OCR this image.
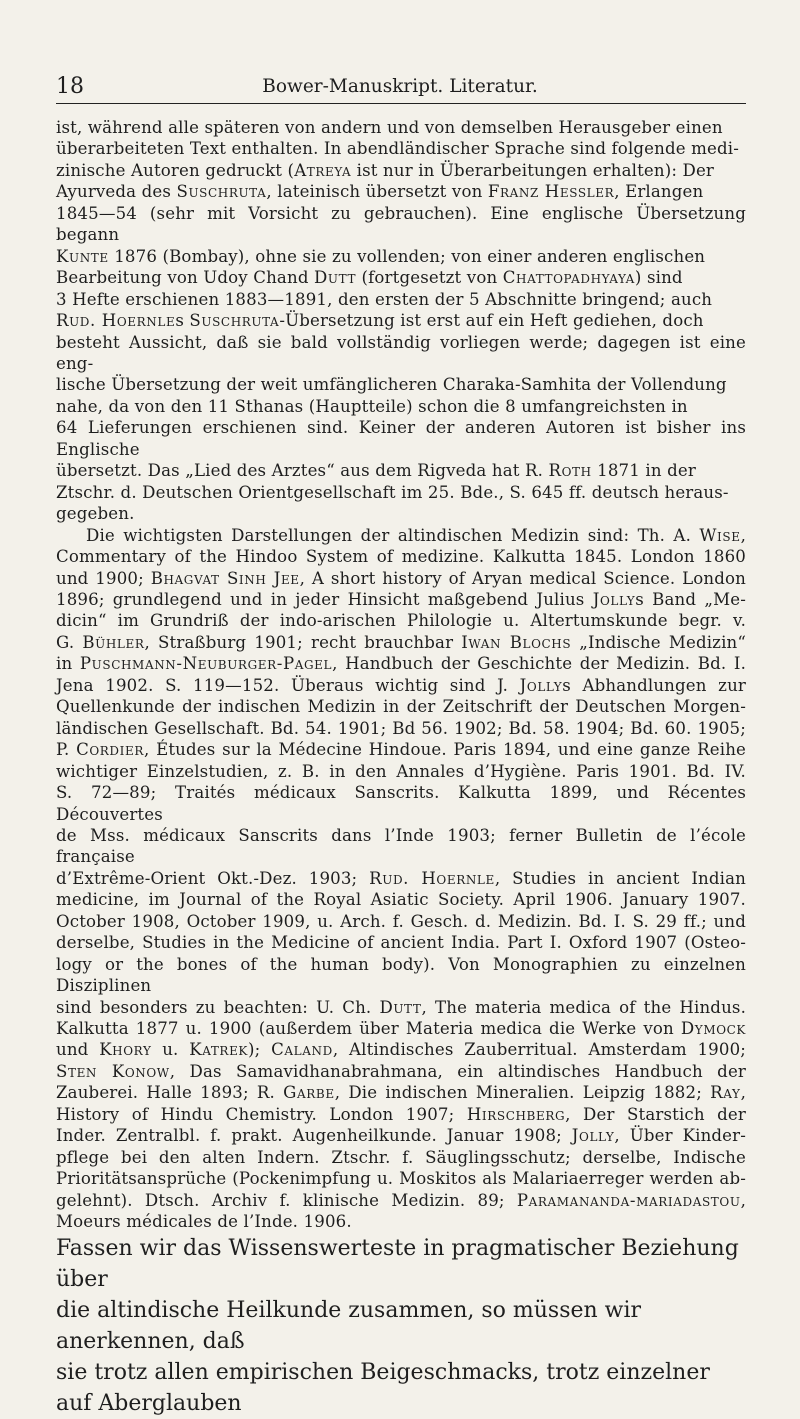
18	Bower-Manuskript. Literatur.

ist, während alle späteren von andern und von demselben Herausgeber einen
überarbeiteten Text enthalten. In abendländischer Sprache sind folgende medi-
zinische Autoren gedruckt (Atreya ist nur in Überarbeitungen erhalten): Der
Ayurveda des Suschruta, lateinisch übersetzt von Franz Hessler, Erlangen
1845—54 (sehr mit Vorsicht zu gebrauchen). Eine englische Übersetzung begann
Kunte 1876 (Bombay), ohne sie zu vollenden; von einer anderen englischen
Bearbeitung von Udoy Chand Dutt (fortgesetzt von Chattopadhyaya) sind
3 Hefte erschienen 1883—1891, den ersten der 5 Abschnitte bringend; auch
Rud. Hoernles Suschruta-Übersetzung ist erst auf ein Heft gediehen, doch
besteht Aussicht, daß sie bald vollständig vorliegen werde; dagegen ist eine eng-
lische Übersetzung der weit umfänglicheren Charaka-Samhita der Vollendung
nahe, da von den 11 Sthanas (Hauptteile) schon die 8 umfangreichsten in
64 Lieferungen erschienen sind. Keiner der anderen Autoren ist bisher ins Englische
übersetzt. Das „Lied des Arztes“ aus dem Rigveda hat R. Roth 1871 in der
Ztschr. d. Deutschen Orientgesellschaft im 25. Bde., S. 645 ff. deutsch heraus-
gegeben.

Die wichtigsten Darstellungen der altindischen Medizin sind: Th. A. Wise,
Commentary of the Hindoo System of medizine. Kalkutta 1845. London 1860
und 1900; Bhagvat Sinh Jee, A short history of Aryan medical Science. London
1896; grundlegend und in jeder Hinsicht maßgebend Julius Jollys Band „Me-
dicin“ im Grundriß der indo-arischen Philologie u. Altertumskunde begr. v.
G. Bühler, Straßburg 1901; recht brauchbar Iwan Blochs „Indische Medizin“
in Puschmann-Neuburger-Pagel, Handbuch der Geschichte der Medizin. Bd. I.
Jena 1902. S. 119—152. Überaus wichtig sind J. Jollys Abhandlungen zur
Quellenkunde der indischen Medizin in der Zeitschrift der Deutschen Morgen-
ländischen Gesellschaft. Bd. 54. 1901; Bd 56. 1902; Bd. 58. 1904; Bd. 60. 1905;
P. Cordier, Études sur la Médecine Hindoue. Paris 1894, und eine ganze Reihe
wichtiger Einzelstudien, z. B. in den Annales d’Hygiène. Paris 1901. Bd. IV.
S. 72—89; Traités médicaux Sanscrits. Kalkutta 1899, und Récentes Découvertes
de Mss. médicaux Sanscrits dans l’Inde 1903; ferner Bulletin de l’école française
d’Extrême-Orient Okt.-Dez. 1903; Rud. Hoernle, Studies in ancient Indian
medicine, im Journal of the Royal Asiatic Society. April 1906. January 1907.
October 1908, October 1909, u. Arch. f. Gesch. d. Medizin. Bd. I. S. 29 ff.; und
derselbe, Studies in the Medicine of ancient India. Part I. Oxford 1907 (Osteo-
logy or the bones of the human body). Von Monographien zu einzelnen Disziplinen
sind besonders zu beachten: U. Ch. Dutt, The materia medica of the Hindus.
Kalkutta 1877 u. 1900 (außerdem über Materia medica die Werke von Dymock
und Khory u. Katrek); Caland, Altindisches Zauberritual. Amsterdam 1900;
Sten Konow, Das Samavidhanabrahmana, ein altindisches Handbuch der
Zauberei. Halle 1893; R. Garbe, Die indischen Mineralien. Leipzig 1882; Ray,
History of Hindu Chemistry. London 1907; Hirschberg, Der Starstich der
Inder. Zentralbl. f. prakt. Augenheilkunde. Januar 1908; Jolly, Über Kinder-
pflege bei den alten Indern. Ztschr. f. Säuglingsschutz; derselbe, Indische
Prioritätsansprüche (Pockenimpfung u. Moskitos als Malariaerreger werden ab-
gelehnt). Dtsch. Archiv f. klinische Medizin. 89; Paramananda-mariadastou,
Moeurs médicales de l’Inde. 1906.

Fassen wir das Wissenswerteste in pragmatischer Beziehung über
die altindische Heilkunde zusammen, so müssen wir anerkennen, daß
sie trotz allen empirischen Beigeschmacks, trotz einzelner auf Aberglauben
